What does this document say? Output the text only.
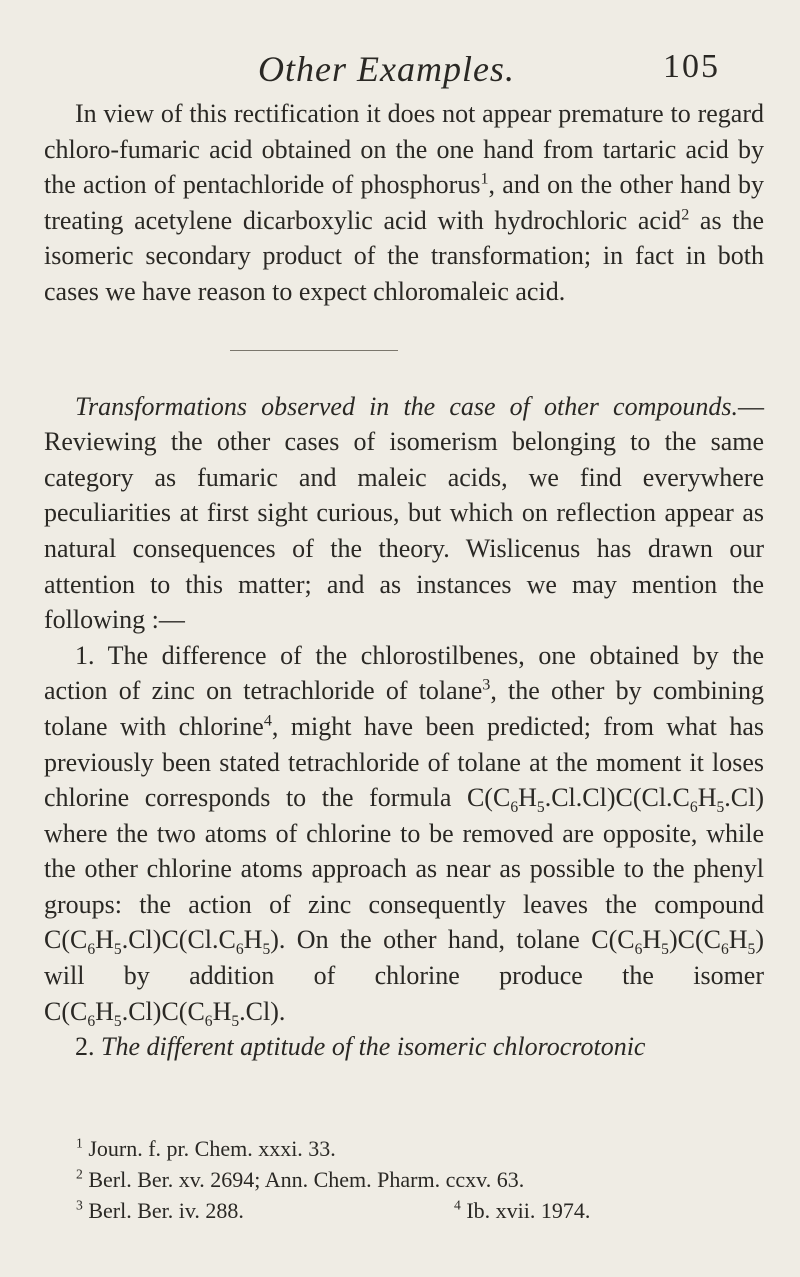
Other Examples.	105

In view of this rectification it does not appear premature to regard chloro-fumaric acid obtained on the one hand from tartaric acid by the action of pentachloride of phosphorus$^1$, and on the other hand by treating acetylene dicarboxylic acid with hydrochloric acid$^2$ as the isomeric secondary product of the transformation; in fact in both cases we have reason to expect chloromaleic acid.

Transformations observed in the case of other compounds.—Reviewing the other cases of isomerism belonging to the same category as fumaric and maleic acids, we find everywhere peculiarities at first sight curious, but which on reflection appear as natural consequences of the theory. Wislicenus has drawn our attention to this matter; and as instances we may mention the following :—

1. The difference of the chlorostilbenes, one obtained by the action of zinc on tetrachloride of tolane$^3$, the other by combining tolane with chlorine$^4$, might have been predicted; from what has previously been stated tetrachloride of tolane at the moment it loses chlorine corresponds to the formula $C(C_6H_5.Cl.Cl)C(Cl.C_6H_5.Cl)$ where the two atoms of chlorine to be removed are opposite, while the other chlorine atoms approach as near as possible to the phenyl groups: the action of zinc consequently leaves the compound $C(C_6H_5.Cl)C(Cl.C_6H_5)$. On the other hand, tolane $C(C_6H_5)C(C_6H_5)$ will by addition of chlorine produce the isomer $C(C_6H_5.Cl)C(C_6H_5.Cl)$.

2. The different aptitude of the isomeric chlorocrotonic

$^1$ Journ. f. pr. Chem. xxxi. 33.

$^2$ Berl. Ber. xv. 2694; Ann. Chem. Pharm. ccxv. 63.

$^3$ Berl. Ber. iv. 288.	$^4$ Ib. xvii. 1974.
